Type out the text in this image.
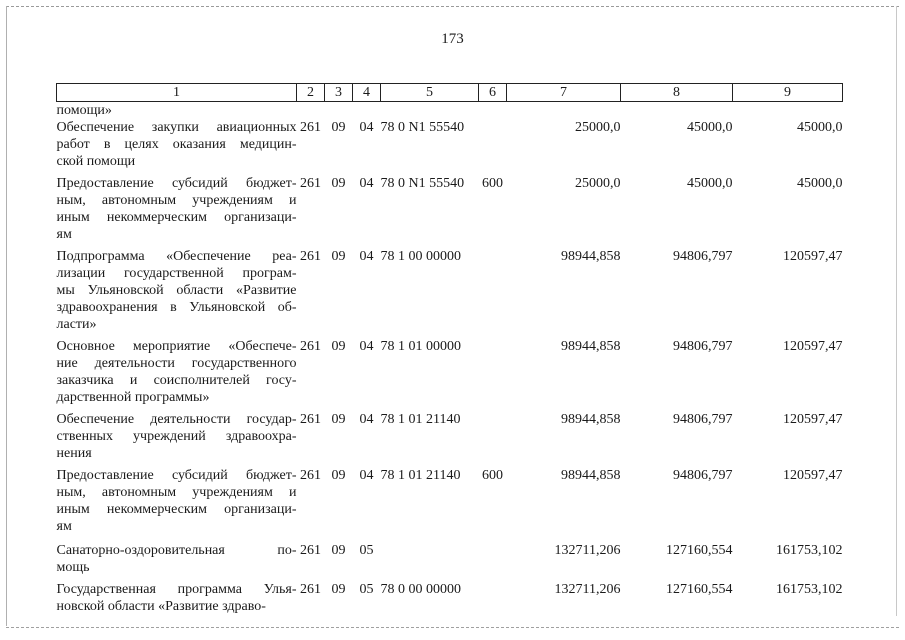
173
1	2	3	4	5	6	7	8	9

помощи»								

Обеспечение закупки авиационных
работ в целях оказания медицин-
ской помощи	261	09	04	78 0 N1 55540		25000,0	45000,0	45000,0

Предоставление субсидий бюджет-
ным, автономным учреждениям и
иным некоммерческим организаци-
ям	261	09	04	78 0 N1 55540	600	25000,0	45000,0	45000,0

Подпрограмма «Обеспечение реа-
лизации государственной програм-
мы Ульяновской области «Развитие
здравоохранения в Ульяновской об-
ласти»	261	09	04	78 1 00 00000		98944,858	94806,797	120597,47

Основное мероприятие «Обеспече-
ние деятельности государственного
заказчика и соисполнителей госу-
дарственной программы»	261	09	04	78 1 01 00000		98944,858	94806,797	120597,47

Обеспечение деятельности государ-
ственных учреждений здравоохра-
нения	261	09	04	78 1 01 21140		98944,858	94806,797	120597,47

Предоставление субсидий бюджет-
ным, автономным учреждениям и
иным некоммерческим организаци-
ям	261	09	04	78 1 01 21140	600	98944,858	94806,797	120597,47

Санаторно-оздоровительная по-
мощь	261	09	05			132711,206	127160,554	161753,102

Государственная программа Улья-
новской области «Развитие здраво-	261	09	05	78 0 00 00000		132711,206	127160,554	161753,102
